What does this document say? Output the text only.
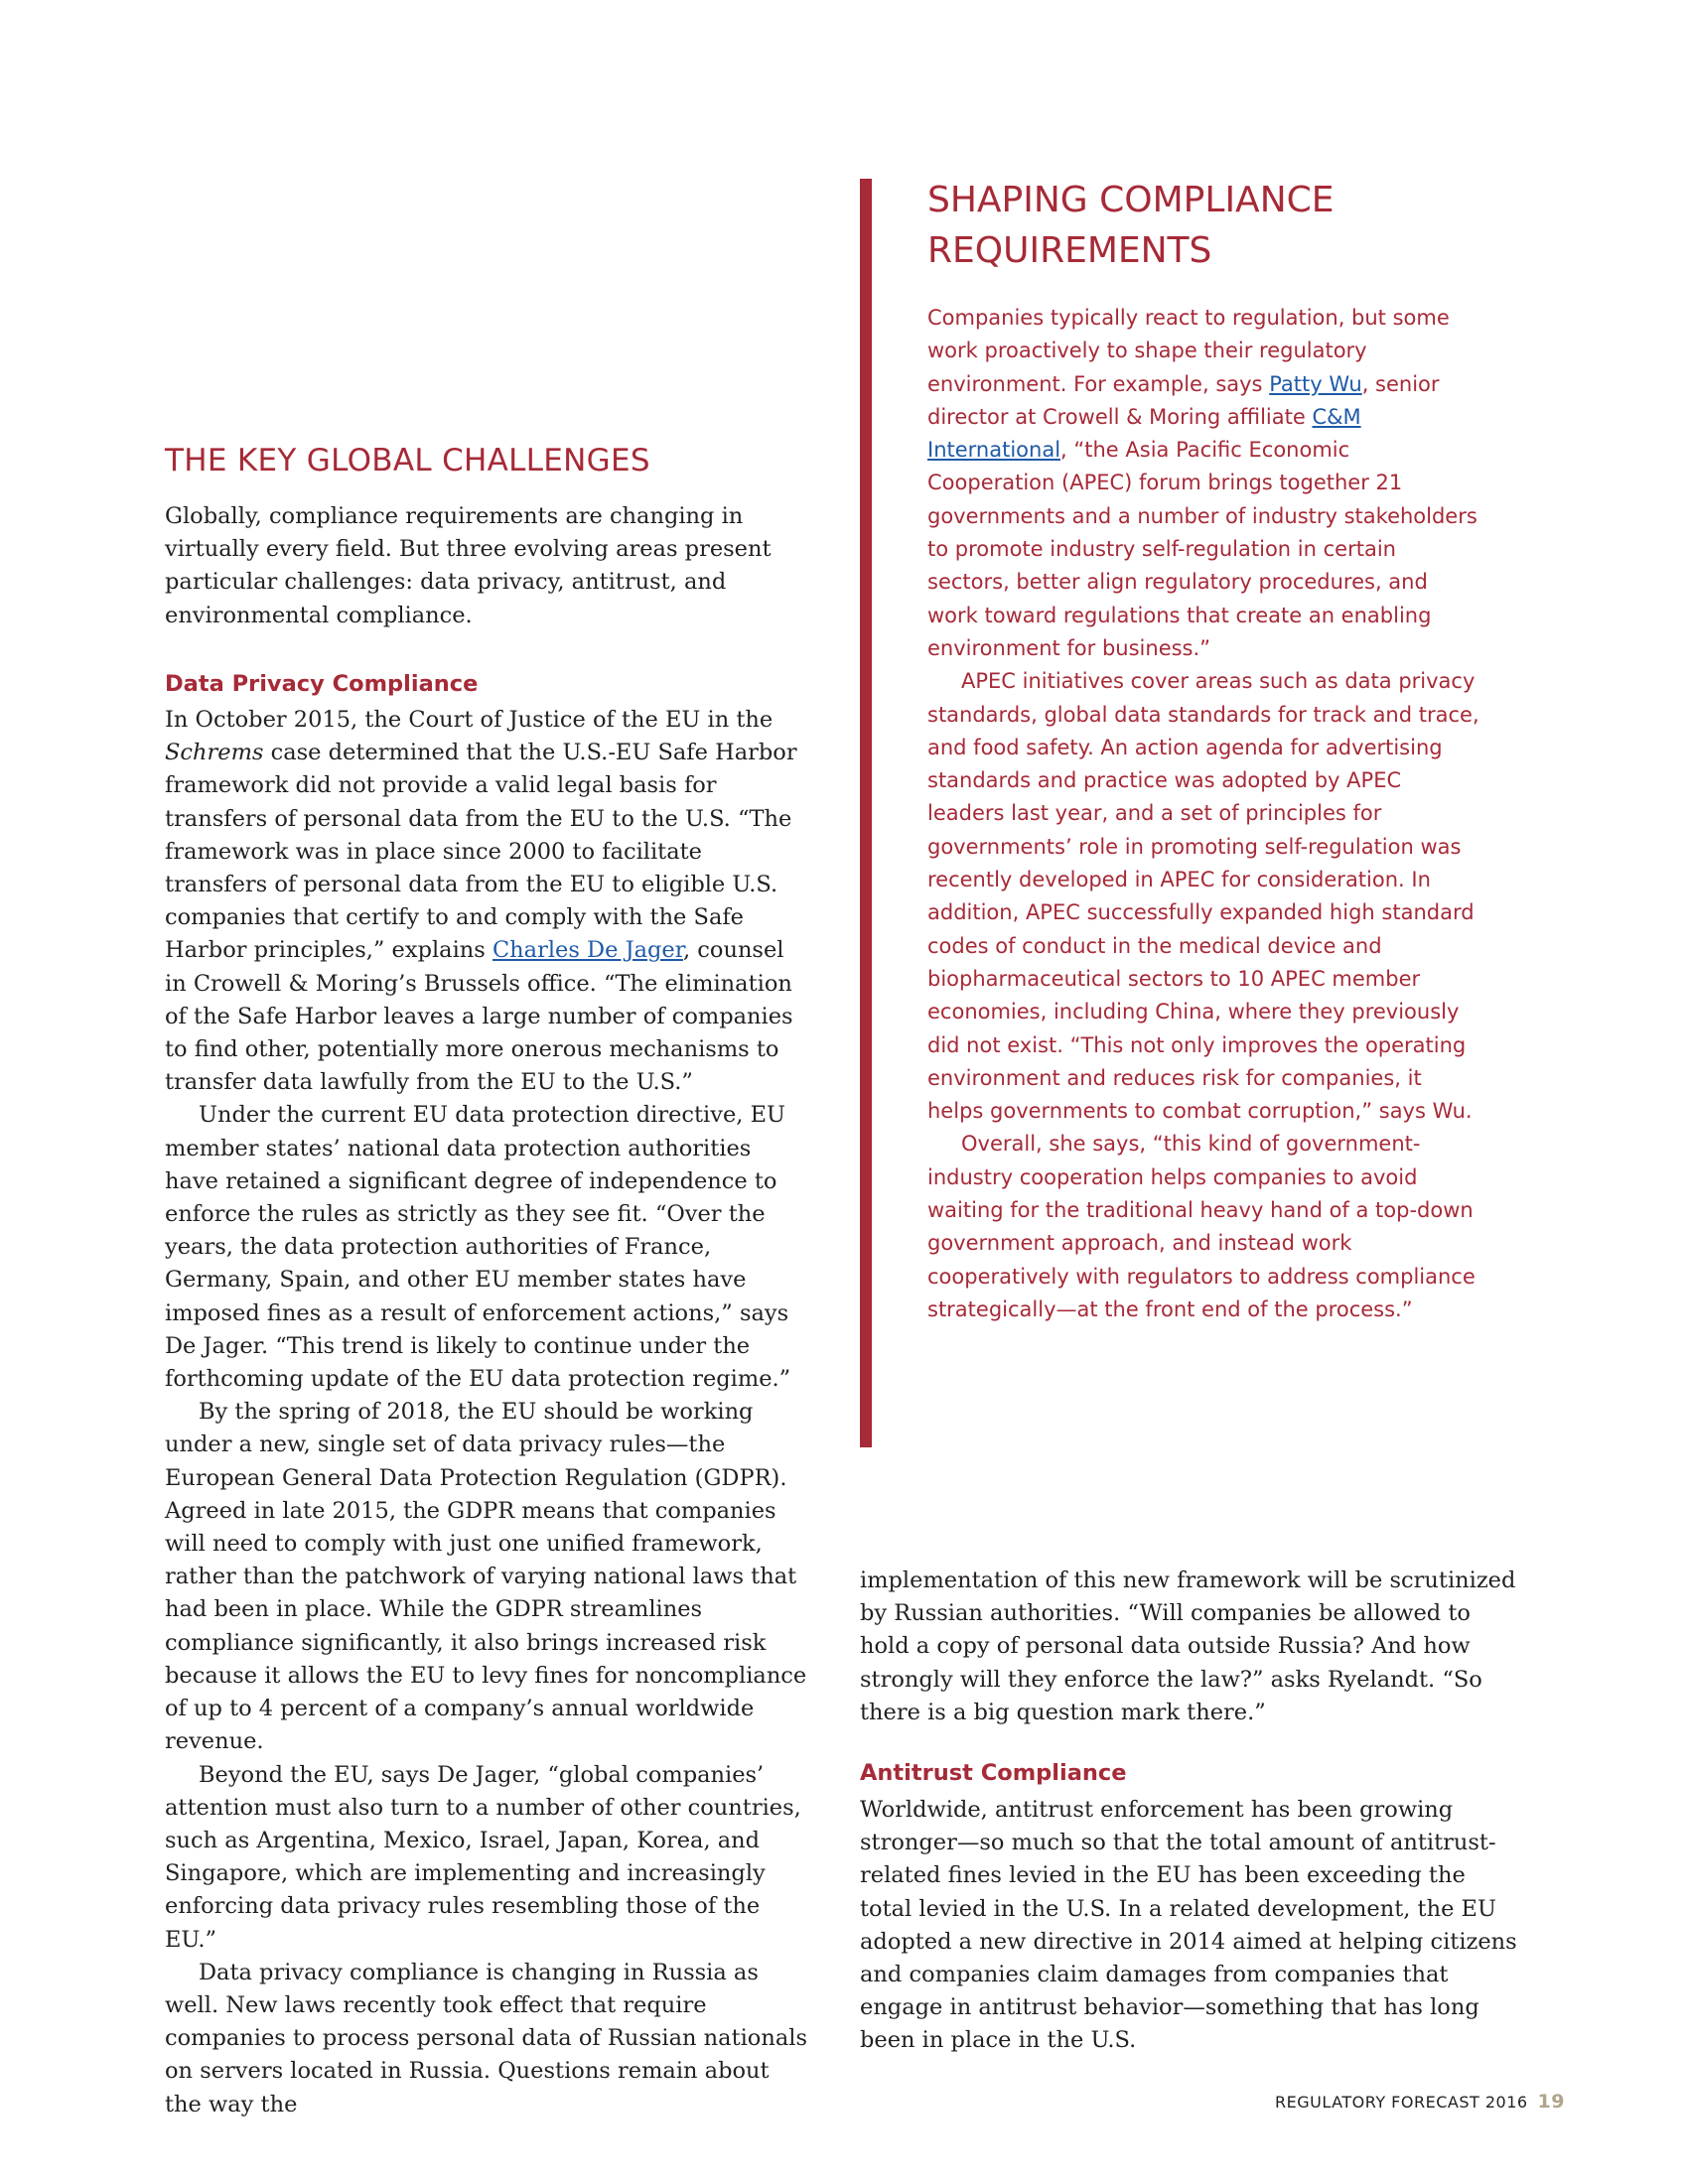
THE KEY GLOBAL CHALLENGES

Globally, compliance requirements are changing in virtually every field. But three evolving areas present particular challenges: data privacy, antitrust, and environmental compliance.

Data Privacy Compliance

In October 2015, the Court of Justice of the EU in the Schrems case determined that the U.S.-EU Safe Harbor framework did not provide a valid legal basis for transfers of personal data from the EU to the U.S. “The framework was in place since 2000 to facilitate transfers of personal data from the EU to eligible U.S. companies that certify to and comply with the Safe Harbor principles,” explains Charles De Jager, counsel in Crowell & Moring’s Brussels office. “The elimination of the Safe Harbor leaves a large number of companies to find other, potentially more onerous mechanisms to transfer data lawfully from the EU to the U.S.”

Under the current EU data protection directive, EU member states’ national data protection authorities have retained a significant degree of independence to enforce the rules as strictly as they see fit. “Over the years, the data protection authorities of France, Germany, Spain, and other EU member states have imposed fines as a result of enforcement actions,” says De Jager. “This trend is likely to continue under the forthcoming update of the EU data protection regime.”

By the spring of 2018, the EU should be working under a new, single set of data privacy rules—the European General Data Protection Regulation (GDPR). Agreed in late 2015, the GDPR means that companies will need to comply with just one unified framework, rather than the patchwork of varying national laws that had been in place. While the GDPR streamlines compliance significantly, it also brings increased risk because it allows the EU to levy fines for noncompliance of up to 4 percent of a company’s annual worldwide revenue.

Beyond the EU, says De Jager, “global companies’ attention must also turn to a number of other countries, such as Argentina, Mexico, Israel, Japan, Korea, and Singapore, which are implementing and increasingly enforcing data privacy rules resembling those of the EU.”

Data privacy compliance is changing in Russia as well. New laws recently took effect that require companies to process personal data of Russian nationals on servers located in Russia. Questions remain about the way the

SHAPING COMPLIANCE REQUIREMENTS

Companies typically react to regulation, but some work proactively to shape their regulatory environment. For example, says Patty Wu, senior director at Crowell & Moring affiliate C&M International, “the Asia Pacific Economic Cooperation (APEC) forum brings together 21 governments and a number of industry stakeholders to promote industry self-regulation in certain sectors, better align regulatory procedures, and work toward regulations that create an enabling environment for business.”

APEC initiatives cover areas such as data privacy standards, global data standards for track and trace, and food safety. An action agenda for advertising standards and practice was adopted by APEC leaders last year, and a set of principles for governments’ role in promoting self-regulation was recently developed in APEC for consideration. In addition, APEC successfully expanded high standard codes of conduct in the medical device and biopharmaceutical sectors to 10 APEC member economies, including China, where they previously did not exist. “This not only improves the operating environment and reduces risk for companies, it helps governments to combat corruption,” says Wu.

Overall, she says, “this kind of government-industry cooperation helps companies to avoid waiting for the traditional heavy hand of a top-down government approach, and instead work cooperatively with regulators to address compliance strategically—at the front end of the process.”

implementation of this new framework will be scrutinized by Russian authorities. “Will companies be allowed to hold a copy of personal data outside Russia? And how strongly will they enforce the law?” asks Ryelandt. “So there is a big question mark there.”

Antitrust Compliance

Worldwide, antitrust enforcement has been growing stronger—so much so that the total amount of antitrust-related fines levied in the EU has been exceeding the total levied in the U.S. In a related development, the EU adopted a new directive in 2014 aimed at helping citizens and companies claim damages from companies that engage in antitrust behavior—something that has long been in place in the U.S.

REGULATORY FORECAST 2016 19
